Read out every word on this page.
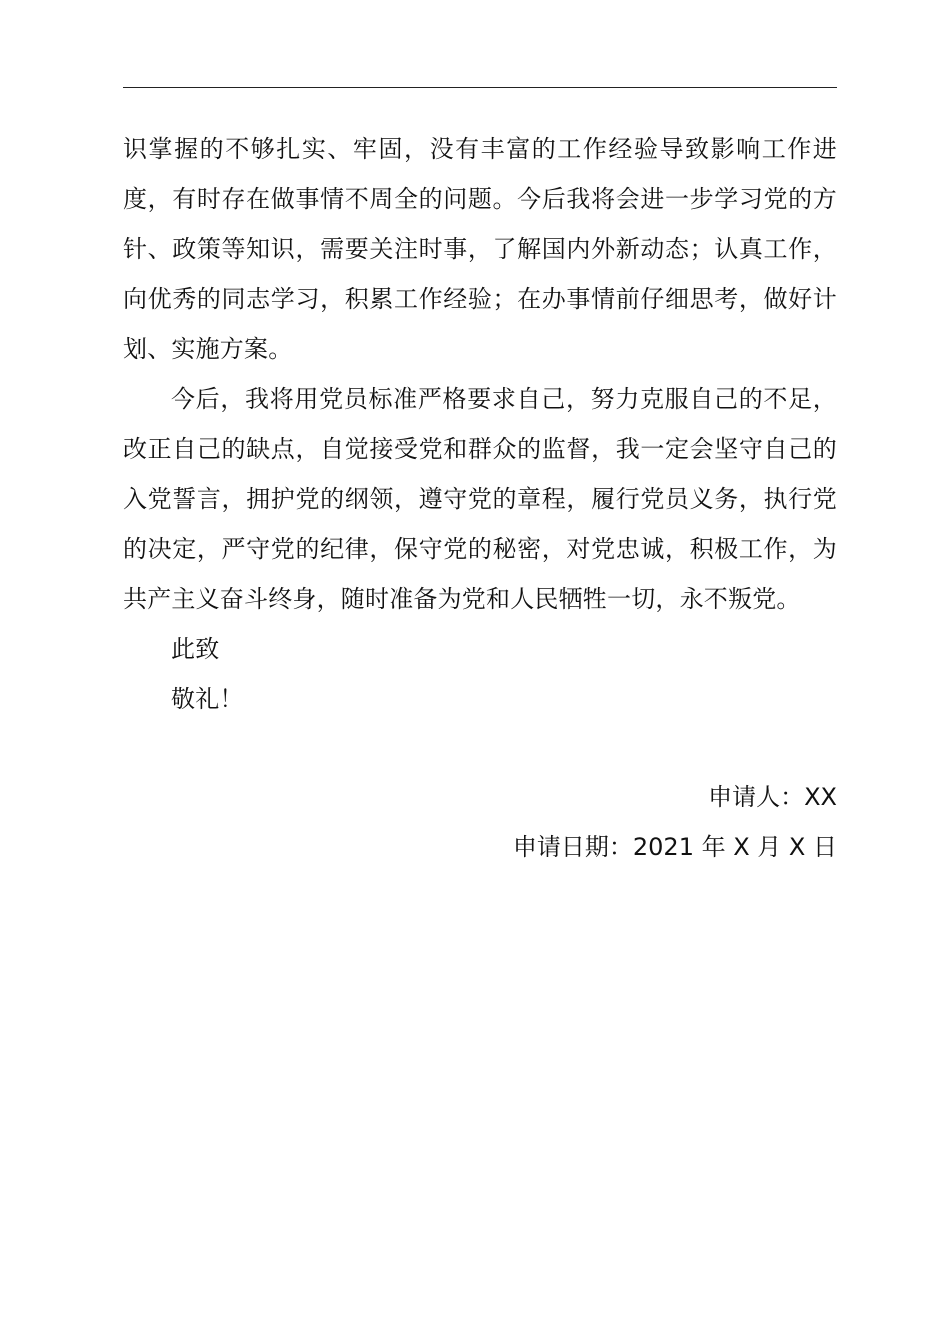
识掌握的不够扎实、牢固，没有丰富的工作经验导致影响工作进度，有时存在做事情不周全的问题。今后我将会进一步学习党的方针、政策等知识，需要关注时事，了解国内外新动态；认真工作，向优秀的同志学习，积累工作经验；在办事情前仔细思考，做好计划、实施方案。

今后，我将用党员标准严格要求自己，努力克服自己的不足，改正自己的缺点，自觉接受党和群众的监督，我一定会坚守自己的入党誓言，拥护党的纲领，遵守党的章程，履行党员义务，执行党的决定，严守党的纪律，保守党的秘密，对党忠诚，积极工作，为共产主义奋斗终身，随时准备为党和人民牺牲一切，永不叛党。

此致

敬礼！

申请人：XX
申请日期：2021 年 X 月 X 日
